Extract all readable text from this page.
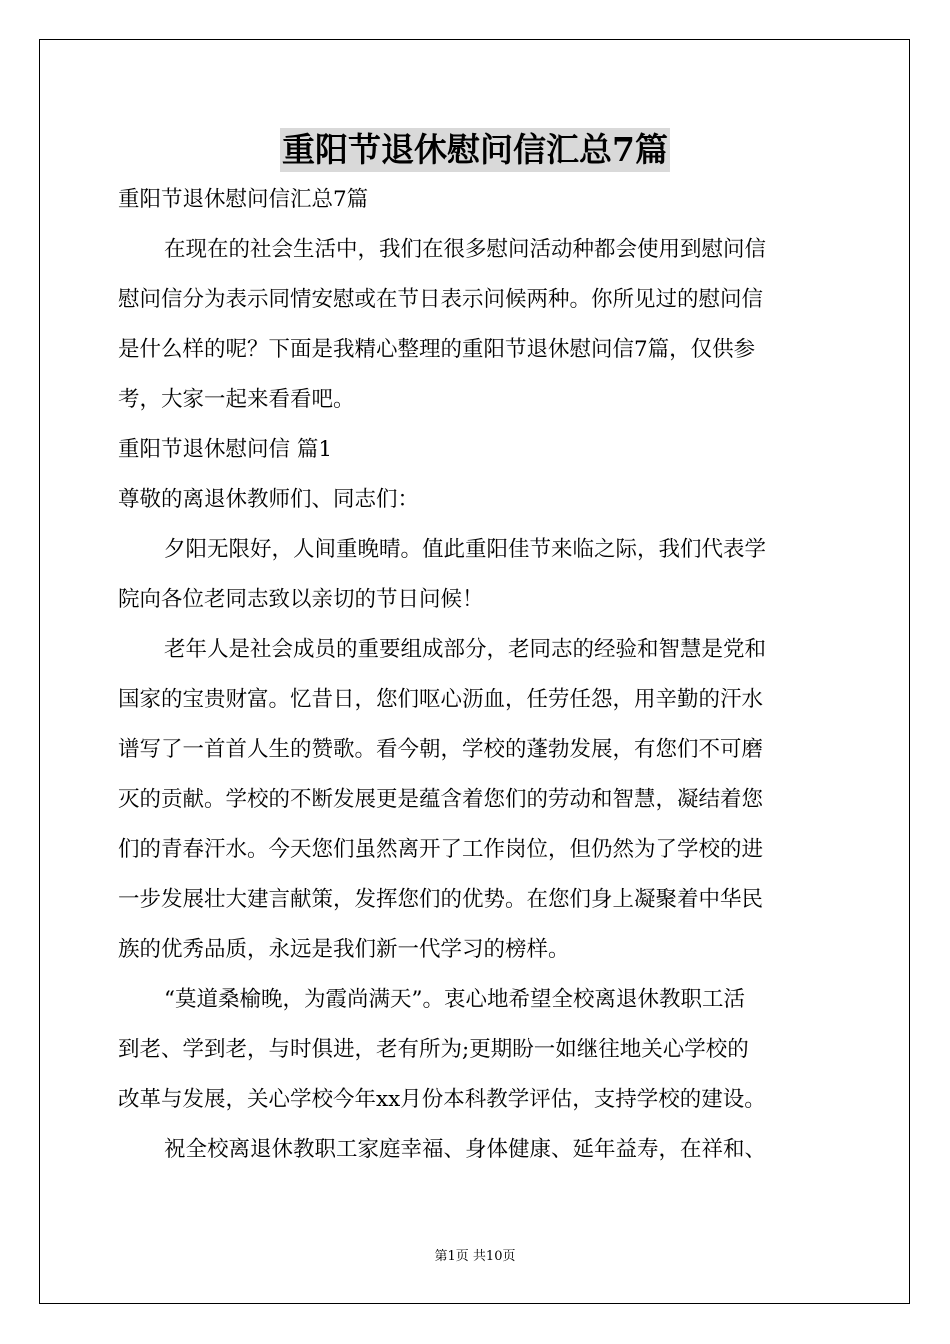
重阳节退休慰问信汇总7篇
重阳节退休慰问信汇总7篇
在现在的社会生活中，我们在很多慰问活动种都会使用到慰问信
慰问信分为表示同情安慰或在节日表示问候两种。你所见过的慰问信
是什么样的呢？下面是我精心整理的重阳节退休慰问信7篇，仅供参
考，大家一起来看看吧。
重阳节退休慰问信 篇1
尊敬的离退休教师们、同志们：
夕阳无限好，人间重晚晴。值此重阳佳节来临之际，我们代表学
院向各位老同志致以亲切的节日问候！
老年人是社会成员的重要组成部分，老同志的经验和智慧是党和
国家的宝贵财富。忆昔日，您们呕心沥血，任劳任怨，用辛勤的汗水
谱写了一首首人生的赞歌。看今朝，学校的蓬勃发展，有您们不可磨
灭的贡献。学校的不断发展更是蕴含着您们的劳动和智慧，凝结着您
们的青春汗水。今天您们虽然离开了工作岗位，但仍然为了学校的进
一步发展壮大建言献策，发挥您们的优势。在您们身上凝聚着中华民
族的优秀品质，永远是我们新一代学习的榜样。
“莫道桑榆晚，为霞尚满天”。衷心地希望全校离退休教职工活
到老、学到老，与时俱进，老有所为;更期盼一如继往地关心学校的
改革与发展，关心学校今年xx月份本科教学评估，支持学校的建设。
祝全校离退休教职工家庭幸福、身体健康、延年益寿，在祥和、
第1页 共10页
